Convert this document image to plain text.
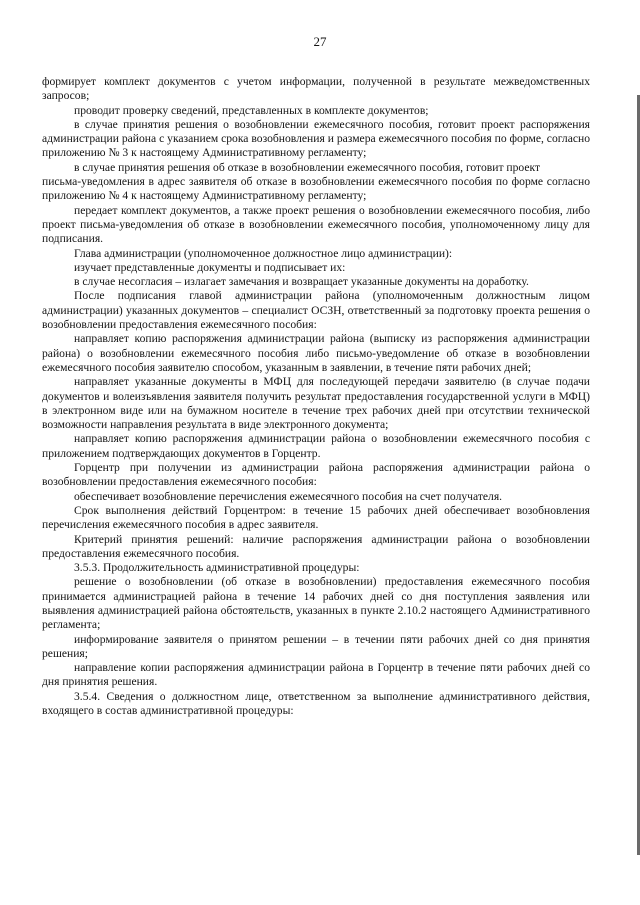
27

формирует комплект документов с учетом информации, полученной в результате межведомственных запросов;

проводит проверку сведений, представленных в комплекте документов;

в случае принятия решения о возобновлении ежемесячного пособия, готовит проект распоряжения администрации района с указанием срока возобновления и размера ежемесячного пособия по форме, согласно приложению № 3 к настоящему Административному регламенту;

в случае принятия решения об отказе в возобновлении ежемесячного пособия, готовит проект

письма-уведомления в адрес заявителя об отказе в возобновлении ежемесячного пособия по форме согласно приложению № 4 к настоящему Административному регламенту;

передает комплект документов, а также проект решения о возобновлении ежемесячного пособия, либо проект письма-уведомления об отказе в возобновлении ежемесячного пособия, уполномоченному лицу для подписания.

Глава администрации (уполномоченное должностное лицо администрации):

изучает представленные документы и подписывает их:

в случае несогласия – излагает замечания и возвращает указанные документы на доработку.

После подписания главой администрации района (уполномоченным должностным лицом администрации) указанных документов – специалист ОСЗН, ответственный за подготовку проекта решения о возобновлении предоставления ежемесячного пособия:

направляет копию распоряжения администрации района (выписку из распоряжения администрации района) о возобновлении ежемесячного пособия либо письмо-уведомление об отказе в возобновлении ежемесячного пособия заявителю способом, указанным в заявлении, в течение пяти рабочих дней;

направляет указанные документы в МФЦ для последующей передачи заявителю (в случае подачи документов и волеизъявления заявителя получить результат предоставления государственной услуги в МФЦ) в электронном виде или на бумажном носителе в течение трех рабочих дней при отсутствии технической возможности направления результата в виде электронного документа;

направляет копию распоряжения администрации района о возобновлении ежемесячного пособия с приложением подтверждающих документов в Горцентр.

Горцентр при получении из администрации района распоряжения администрации района о возобновлении предоставления ежемесячного пособия:

обеспечивает возобновление перечисления ежемесячного пособия на счет получателя.

Срок выполнения действий Горцентром: в течение 15 рабочих дней обеспечивает возобновления перечисления ежемесячного пособия в адрес заявителя.

Критерий принятия решений: наличие распоряжения администрации района о возобновлении предоставления ежемесячного пособия.

3.5.3. Продолжительность административной процедуры:

решение о возобновлении (об отказе в возобновлении) предоставления ежемесячного пособия принимается администрацией района в течение 14 рабочих дней со дня поступления заявления или выявления администрацией района обстоятельств, указанных в пункте 2.10.2 настоящего Административного регламента;

информирование заявителя о принятом решении – в течении пяти рабочих дней со дня принятия решения;

направление копии распоряжения администрации района в Горцентр в течение пяти рабочих дней со дня принятия решения.

3.5.4. Сведения о должностном лице, ответственном за выполнение административного действия, входящего в состав административной процедуры:
